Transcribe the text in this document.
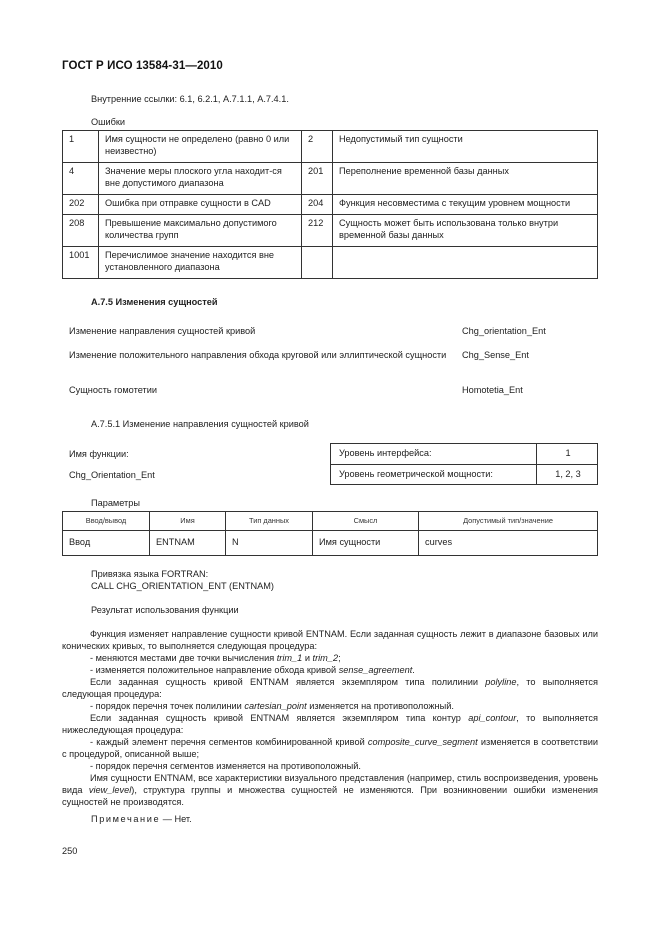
ГОСТ Р ИСО 13584-31—2010
Внутренние ссылки: 6.1, 6.2.1, А.7.1.1, А.7.4.1.
Ошибки
1	Имя сущности не определено (равно 0 или неизвестно)	2	Недопустимый тип сущности
4	Значение меры плоского угла находит-ся вне допустимого диапазона	201	Переполнение временной базы данных
202	Ошибка при отправке сущности в CAD	204	Функция несовместима с текущим уровнем мощности
208	Превышение максимально допустимого количества групп	212	Сущность может быть использована только внутри временной базы данных
1001	Перечислимое значение находится вне установленного диапазона		
А.7.5 Изменения сущностей
Изменение направления сущностей кривой	Chg_orientation_Ent
Изменение положительного направления обхода круговой или эллиптической сущности Chg_Sense_Ent
Сущность гомотетии	Homotetia_Ent
А.7.5.1 Изменение направления сущностей кривой
Имя функции:
Chg_Orientation_Ent
Уровень интерфейса:	1
Уровень геометрической мощности:	1, 2, 3
Параметры
Ввод/вывод	Имя	Тип данных	Смысл	Допустимый тип/значение
Ввод	ENTNAM	N	Имя сущности	curves
Привязка языка FORTRAN:
CALL CHG_ORIENTATION_ENT (ENTNAM)
Результат использования функции
Функция изменяет направление сущности кривой ENTNAM. Если заданная сущность лежит в диапазоне базовых или конических кривых, то выполняется следующая процедура:
- меняются местами две точки вычисления trim_1 и trim_2;
- изменяется положительное направление обхода кривой sense_agreement.
Если заданная сущность кривой ENTNAM является экземпляром типа полилинии polyline, то выполняется следующая процедура:
- порядок перечня точек полилинии cartesian_point изменяется на противоположный.
Если заданная сущность кривой ENTNAM является экземпляром типа контур api_contour, то выполняется нижеследующая процедура:
- каждый элемент перечня сегментов комбинированной кривой composite_curve_segment изменяется в соответствии с процедурой, описанной выше;
- порядок перечня сегментов изменяется на противоположный.
Имя сущности ENTNAM, все характеристики визуального представления (например, стиль воспроизведения, уровень вида view_level), структура группы и множества сущностей не изменяются. При возникновении ошибки изменения сущностей не производятся.
Примечание — Нет.
250
